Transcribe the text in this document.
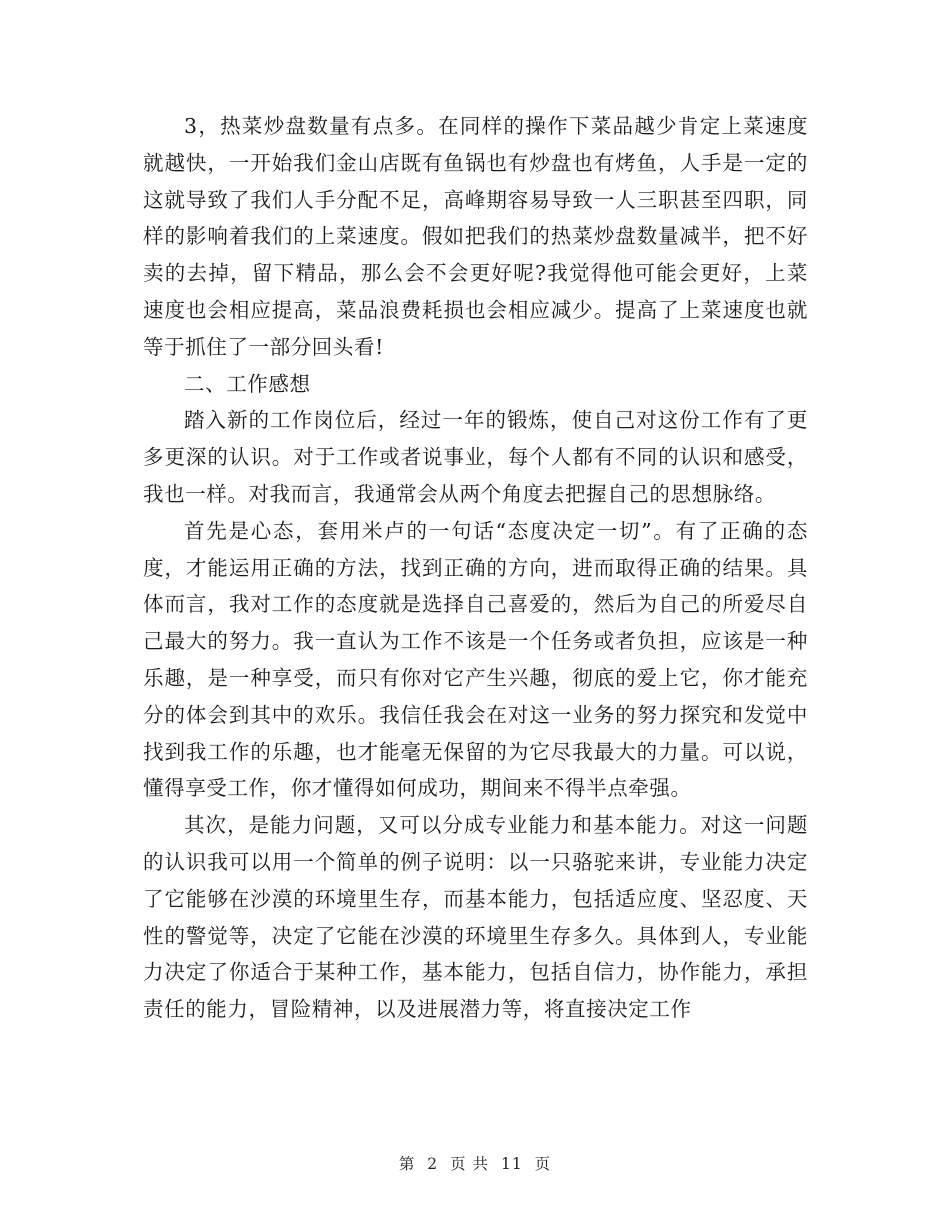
3，热菜炒盘数量有点多。在同样的操作下菜品越少肯定上菜速度就越快，一开始我们金山店既有鱼锅也有炒盘也有烤鱼，人手是一定的这就导致了我们人手分配不足，高峰期容易导致一人三职甚至四职，同样的影响着我们的上菜速度。假如把我们的热菜炒盘数量减半，把不好卖的去掉，留下精品，那么会不会更好呢?我觉得他可能会更好，上菜速度也会相应提高，菜品浪费耗损也会相应减少。提高了上菜速度也就等于抓住了一部分回头看!

二、工作感想

踏入新的工作岗位后，经过一年的锻炼，使自己对这份工作有了更多更深的认识。对于工作或者说事业，每个人都有不同的认识和感受，我也一样。对我而言，我通常会从两个角度去把握自己的思想脉络。

首先是心态，套用米卢的一句话“态度决定一切”。有了正确的态度，才能运用正确的方法，找到正确的方向，进而取得正确的结果。具体而言，我对工作的态度就是选择自己喜爱的，然后为自己的所爱尽自己最大的努力。我一直认为工作不该是一个任务或者负担，应该是一种乐趣，是一种享受，而只有你对它产生兴趣，彻底的爱上它，你才能充分的体会到其中的欢乐。我信任我会在对这一业务的努力探究和发觉中找到我工作的乐趣，也才能毫无保留的为它尽我最大的力量。可以说，懂得享受工作，你才懂得如何成功，期间来不得半点牵强。

其次，是能力问题，又可以分成专业能力和基本能力。对这一问题的认识我可以用一个简单的例子说明：以一只骆驼来讲，专业能力决定了它能够在沙漠的环境里生存，而基本能力，包括适应度、坚忍度、天性的警觉等，决定了它能在沙漠的环境里生存多久。具体到人，专业能力决定了你适合于某种工作，基本能力，包括自信力，协作能力，承担责任的能力，冒险精神，以及进展潜力等，将直接决定工作

第 2 页 共 11 页
